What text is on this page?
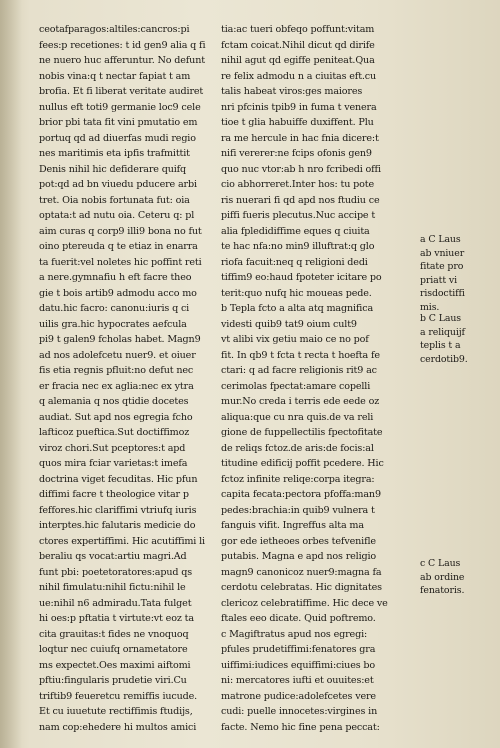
ceotafparagos:altiles:cancros:pi
fees:p recetiones: t id gen9 alia q fi
ne nuero huc afferuntur. No defunt
nobis vina:q t nectar fapiat t am
brofia. Et fi liberat veritate audiret
nullus eft toti9 germanie loc9 cele
brior pbi tata fit vini pmutatio em
portuq qd ad diuerfas mudi regio
nes maritimis eta ipfis trafmittit
Denis nihil hic defiderare quifq
pot:qd ad bn viuedu pducere arbi
tret. Oia nobis fortunata fut: oia
optata:t ad nutu oia. Ceteru q: pl
aim curas q corp9 illi9 bona no fut
oino ptereuda q te etiaz in enarra
ta fuerit:vel noletes hic poffint reti
a nere.gymnafiu h eft facre theo
gie t bois artib9 admodu acco mo
datu.hic facro: canonu:iuris q ci
uilis gra.hic hypocrates aefcula
pi9 t galen9 fcholas habet. Magn9
ad nos adolefcetu nuer9. et oiuer
fis etia regnis pfluit:no defut nec
er fracia nec ex aglia:nec ex ytra
q alemania q nos qtidie docetes
audiat. Sut apd nos egregia fcho
lafticoz pueftica.Sut doctiffimoz
viroz chori.Sut pceptores:t apd
quos mira fciar varietas:t imefa
doctrina viget fecuditas. Hic pfun
diffimi facre t theologice vitar p
feffores.hic clariffimi vtriufq iuris
interptes.hic falutaris medicie do
ctores expertiffimi. Hic acutiffimi li
beraliu qs vocat:artiu magri.Ad
funt pbi: poetetoratores:apud qs
nihil fimulatu:nihil fictu:nihil le
ue:nihil n6 admiradu.Tata fulget
hi oes:p pftatia t virtute:vt eoz ta
cita grauitas:t fides ne vnoquoq
loqtur nec cuiufq ornametatore
ms expectet.Oes maximi aiftomi
pftiu:fingularis prudetie viri.Cu
triftib9 feueretcu remiffis iucude.
Et cu iuuetute rectiffimis ftudijs,
nam cop:ehedere hi multos amici
tia:ac tueri obfeqo poffunt:vitam
fctam coicat.Nihil dicut qd dirife
nihil agut qd egiffe peniteat.Qua
re felix admodu n a ciuitas eft.cu
talis habeat viros:ges maiores
nri pfcinis tpib9 in fuma t venera
tioe t glia habuiffe duxiffent. Plu
ra me hercule in hac fnia dicere:t
nifi vererer:ne fcips ofonis gen9
quo nuc vtor:ab h nro fcribedi offi
cio abhorreret.Inter hos: tu pote
ris nuerari fi qd apd nos ftudiu ce
piffi fueris plecutus.Nuc accipe t
alia fpledidiffime eques q ciuita
te hac nfa:no min9 illuftrat:q glo
riofa facuit:neq q religioni dedi
tiffim9 eo:haud fpoteter icitare po
terit:quo nufq hic moueas pede.
b Tepla fcto a alta atq magnifica
videsti quib9 tat9 oium cult9
vt alibi vix getiu maio ce no pof
fit. In qb9 t fcta t recta t hoefta fe
ctari: q ad facre religionis rit9 ac
cerimolas fpectat:amare copelli
mur.No creda i terris ede eede oz
aliqua:que cu nra quis.de va reli
gione de fuppellectilis fpectofitate
de reliqs fctoz.de aris:de focis:al
titudine edificij poffit pcedere. Hic
fctoz infinite reliqe:corpa itegra:
capita fecata:pectora pfoffa:man9
pedes:brachia:in quib9 vulnera t
fanguis vifit. Ingreffus alta ma
gor ede ietheoes orbes tefvenifle
putabis. Magna e apd nos religio
magn9 canonicoz nuer9:magna fa
cerdotu celebratas. Hic dignitates
clericoz celebratiffime. Hic dece ve
ftales eeo dicate. Quid poftremo.
c Magiftratus apud nos egregi:
pfules prudetiffimi:fenatores gra
uiffimi:iudices equiffimi:ciues bo
ni: mercatores iufti et ouuites:et
matrone pudice:adolefcetes vere
cudi: puelle innocetes:virgines in
facte. Nemo hic fine pena peccat:
a C Laus
ab vniuer
fitate pro
priatt vi
risdoctiffi
mis.
b C Laus
a reliquijf
teplis t a
cerdotib9.
c C Laus
ab ordine
fenatoris.
